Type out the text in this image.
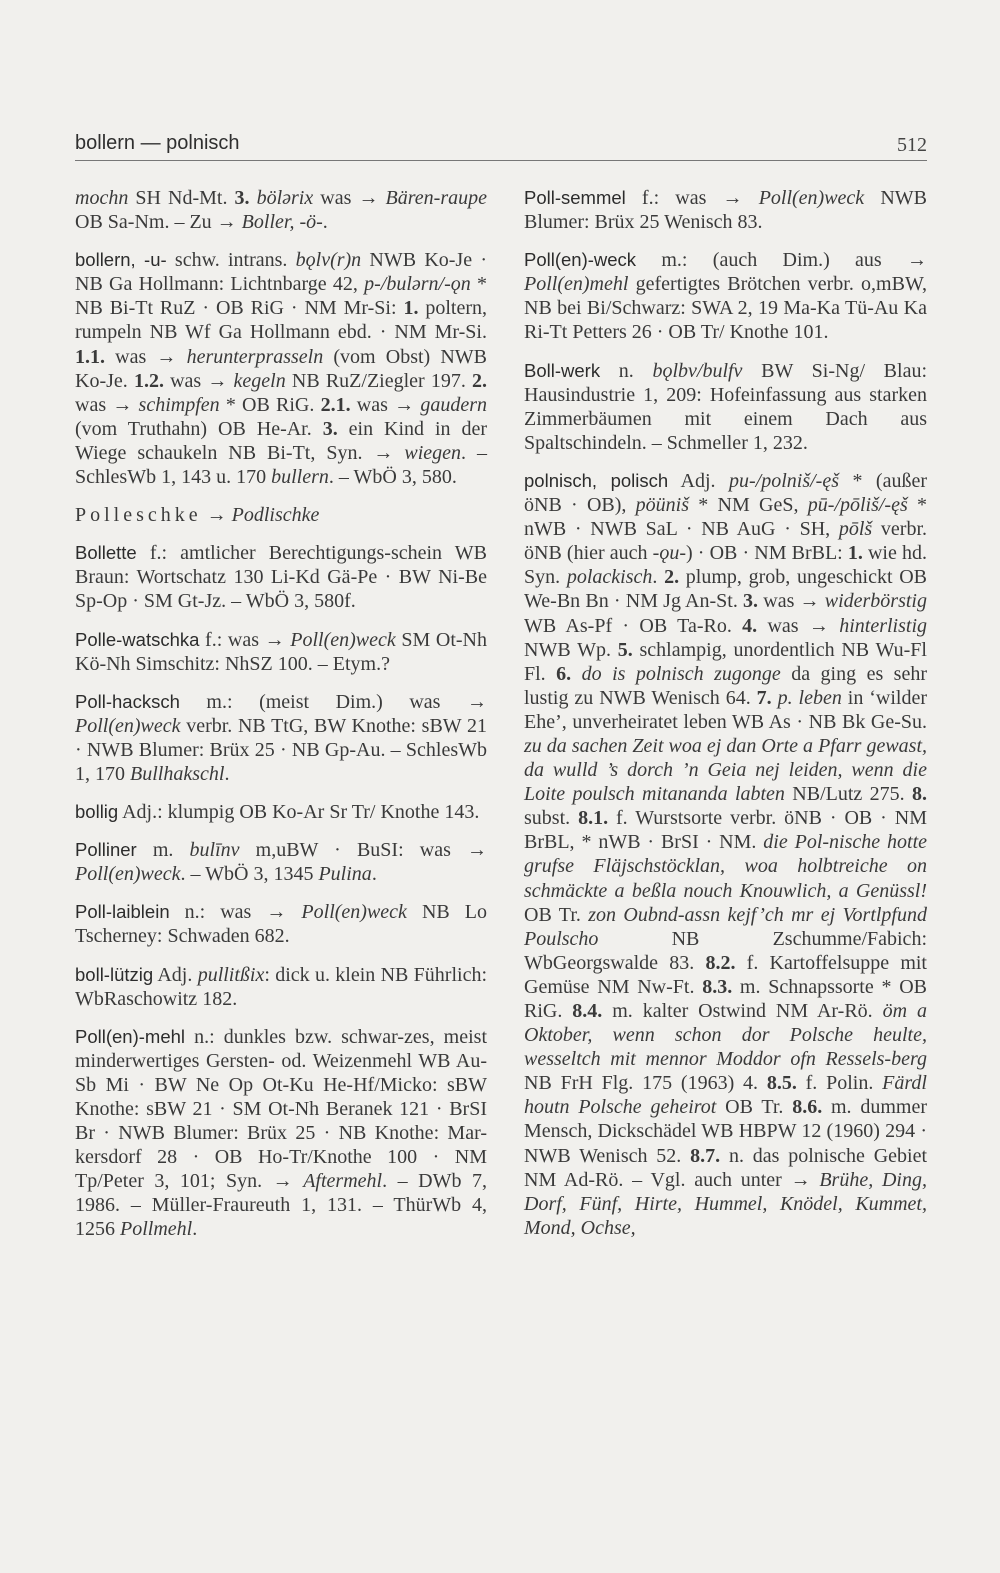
bollern — polnisch	512

mochn SH Nd-Mt. 3. bölәrix was → Bären-raupe OB Sa-Nm. – Zu → Boller, -ö-.

bollern, -u- schw. intrans. bǫlv(r)n NWB Ko-Je · NB Ga Hollmann: Lichtnbarge 42, p-/bulәrn/-ǫn * NB Bi-Tt RuZ · OB RiG · NM Mr-Si: 1. poltern, rumpeln NB Wf Ga Hollmann ebd. · NM Mr-Si. 1.1. was → herunterprasseln (vom Obst) NWB Ko-Je. 1.2. was → kegeln NB RuZ/Ziegler 197. 2. was → schimpfen * OB RiG. 2.1. was → gaudern (vom Truthahn) OB He-Ar. 3. ein Kind in der Wiege schaukeln NB Bi-Tt, Syn. → wiegen. – SchlesWb 1, 143 u. 170 bullern. – WbÖ 3, 580.

Polleschke → Podlischke

Bollette f.: amtlicher Berechtigungs-schein WB Braun: Wortschatz 130 Li-Kd Gä-Pe · BW Ni-Be Sp-Op · SM Gt-Jz. – WbÖ 3, 580f.

Polle-watschka f.: was → Poll(en)weck SM Ot-Nh Kö-Nh Simschitz: NhSZ 100. – Etym.?

Poll-hacksch m.: (meist Dim.) was → Poll(en)weck verbr. NB TtG, BW Knothe: sBW 21 · NWB Blumer: Brüx 25 · NB Gp-Au. – SchlesWb 1, 170 Bullhakschl.

bollig Adj.: klumpig OB Ko-Ar Sr Tr/ Knothe 143.

Polliner m. bulīnv m,uBW · BuSI: was → Poll(en)weck. – WbÖ 3, 1345 Pulina.

Poll-laiblein n.: was → Poll(en)weck NB Lo Tscherney: Schwaden 682.

boll-lützig Adj. pullitßix: dick u. klein NB Führlich: WbRaschowitz 182.

Poll(en)-mehl n.: dunkles bzw. schwar-zes, meist minderwertiges Gersten- od. Weizenmehl WB Au-Sb Mi · BW Ne Op Ot-Ku He-Hf/Micko: sBW Knothe: sBW 21 · SM Ot-Nh Beranek 121 · BrSI Br · NWB Blumer: Brüx 25 · NB Knothe: Mar-kersdorf 28 · OB Ho-Tr/Knothe 100 · NM Tp/Peter 3, 101; Syn. → Aftermehl. – DWb 7, 1986. – Müller-Fraureuth 1, 131. – ThürWb 4, 1256 Pollmehl.

Poll-semmel f.: was → Poll(en)weck NWB Blumer: Brüx 25 Wenisch 83.

Poll(en)-weck m.: (auch Dim.) aus → Poll(en)mehl gefertigtes Brötchen verbr. o,mBW, NB bei Bi/Schwarz: SWA 2, 19 Ma-Ka Tü-Au Ka Ri-Tt Petters 26 · OB Tr/ Knothe 101.

Boll-werk n. bǫlbv/bulfv BW Si-Ng/ Blau: Hausindustrie 1, 209: Hofeinfassung aus starken Zimmerbäumen mit einem Dach aus Spaltschindeln. – Schmeller 1, 232.

polnisch, polisch Adj. pu-/polniš/-ęš * (außer öNB · OB), pöüniš * NM GeS, pū-/pōliš/-ęš * nWB · NWB SaL · NB AuG · SH, pōlš verbr. öNB (hier auch -ǫu-) · OB · NM BrBL: 1. wie hd. Syn. polackisch. 2. plump, grob, ungeschickt OB We-Bn Bn · NM Jg An-St. 3. was → widerbörstig WB As-Pf · OB Ta-Ro. 4. was → hinterlistig NWB Wp. 5. schlampig, unordentlich NB Wu-Fl Fl. 6. do is polnisch zugonge da ging es sehr lustig zu NWB Wenisch 64. 7. p. leben in ‘wilder Ehe’, unverheiratet leben WB As · NB Bk Ge-Su. zu da sachen Zeit woa ej dan Orte a Pfarr gewast, da wulld ’s dorch ’n Geia nej leiden, wenn die Loite poulsch mitananda labten NB/Lutz 275. 8. subst. 8.1. f. Wurstsorte verbr. öNB · OB · NM BrBL, * nWB · BrSI · NM. die Pol-nische hotte grufse Fläjschstöcklan, woa holbtreiche on schmäckte a beßla nouch Knouwlich, a Genüssl! OB Tr. zon Oubnd-assn kejf’ch mr ej Vortlpfund Poulscho NB Zschumme/Fabich: WbGeorgswalde 83. 8.2. f. Kartoffelsuppe mit Gemüse NM Nw-Ft. 8.3. m. Schnapssorte * OB RiG. 8.4. m. kalter Ostwind NM Ar-Rö. öm a Oktober, wenn schon dor Polsche heulte, wesseltch mit mennor Moddor ofn Ressels-berg NB FrH Flg. 175 (1963) 4. 8.5. f. Polin. Färdl houtn Polsche geheirot OB Tr. 8.6. m. dummer Mensch, Dickschädel WB HBPW 12 (1960) 294 · NWB Wenisch 52. 8.7. n. das polnische Gebiet NM Ad-Rö. – Vgl. auch unter → Brühe, Ding, Dorf, Fünf, Hirte, Hummel, Knödel, Kummet, Mond, Ochse,
